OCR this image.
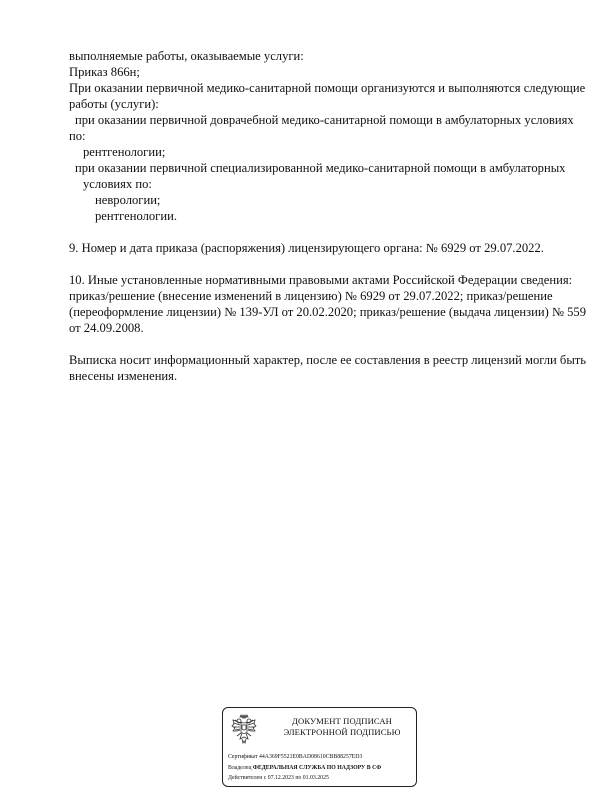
выполняемые работы, оказываемые услуги:
Приказ 866н;
При оказании первичной медико-санитарной помощи организуются и выполняются следующие
работы (услуги):
при оказании первичной доврачебной медико-санитарной помощи в амбулаторных условиях
по:
рентгенологии;
при оказании первичной специализированной медико-санитарной помощи в амбулаторных
условиях по:
неврологии;
рентгенологии.
9. Номер и дата приказа (распоряжения) лицензирующего органа: № 6929 от 29.07.2022.
10. Иные установленные нормативными правовыми актами Российской Федерации сведения:
приказ/решение (внесение изменений в лицензию) № 6929 от 29.07.2022; приказ/решение
(переоформление лицензии) № 139-УЛ от 20.02.2020; приказ/решение (выдача лицензии) № 559
от 24.09.2008.
Выписка носит информационный характер, после ее составления в реестр лицензий могли быть
внесены изменения.
ДОКУМЕНТ ПОДПИСАН
ЭЛЕКТРОННОЙ ПОДПИСЬЮ
Сертификат 44A369F5521E0BAD08610CBB88257ED3
Владелец ФЕДЕРАЛЬНАЯ СЛУЖБА ПО НАДЗОРУ В СФ
Действителен с 07.12.2023 по 01.03.2025
